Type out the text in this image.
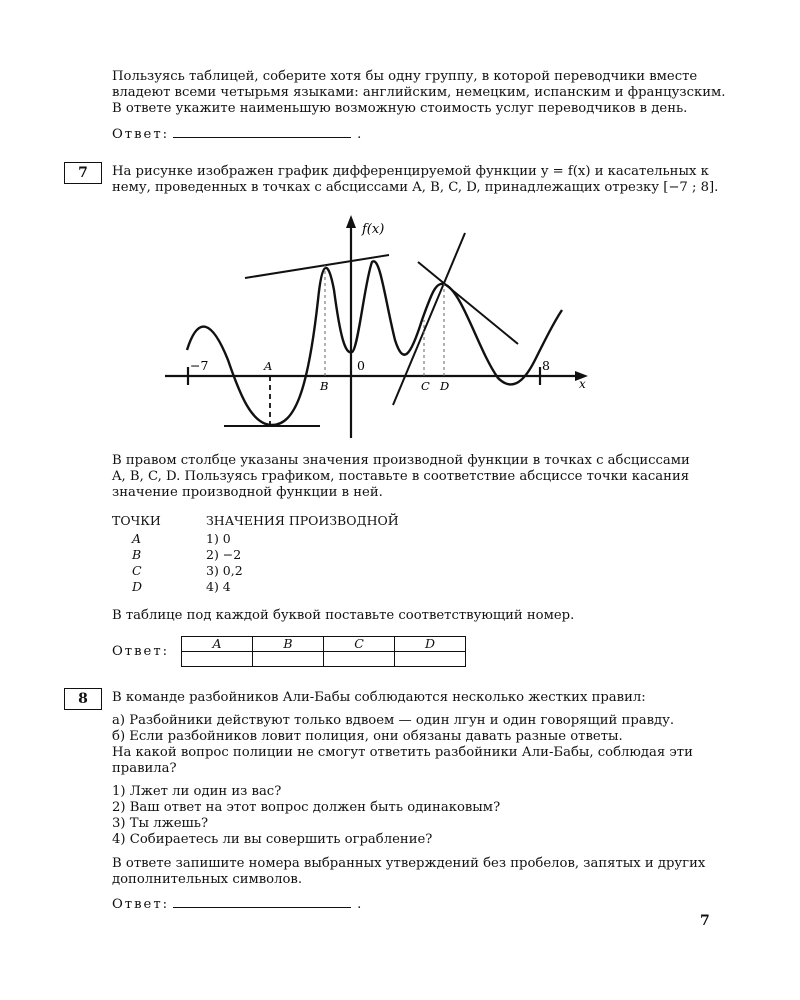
Пользуясь таблицей, соберите хотя бы одну группу, в которой переводчики вместе
владеют всеми четырьмя языками: английским, немецким, испанским и французским.
В ответе укажите наименьшую возможную стоимость услуг переводчиков в день.
Ответ:	.
7	На рисунке изображен график дифференцируемой функции y = f(x) и касательных к
нему, проведенных в точках с абсциссами A, B, C, D, принадлежащих отрезку [−7 ; 8].
f(x)
x
−7	8
0
A
B	C D
В правом столбце указаны значения производной функции в точках с абсциссами
A, B, C, D. Пользуясь графиком, поставьте в соответствие абсциссе точки касания
значение производной функции в ней.
ТОЧКИ	ЗНАЧЕНИЯ ПРОИЗВОДНОЙ
A	1) 0
B	2) −2
C	3) 0,2
D	4) 4
В таблице под каждой буквой поставьте соответствующий номер.
Ответ:
A	B	C	D

8	В команде разбойников Али-Бабы соблюдаются несколько жестких правил:
а) Разбойники действуют только вдвоем — один лгун и один говорящий правду.
б) Если разбойников ловит полиция, они обязаны давать разные ответы.
На какой вопрос полиции не смогут ответить разбойники Али-Бабы, соблюдая эти
правила?
1) Лжет ли один из вас?
2) Ваш ответ на этот вопрос должен быть одинаковым?
3) Ты лжешь?
4) Собираетесь ли вы совершить ограбление?
В ответе запишите номера выбранных утверждений без пробелов, запятых и других
дополнительных символов.
Ответ:	.
7
